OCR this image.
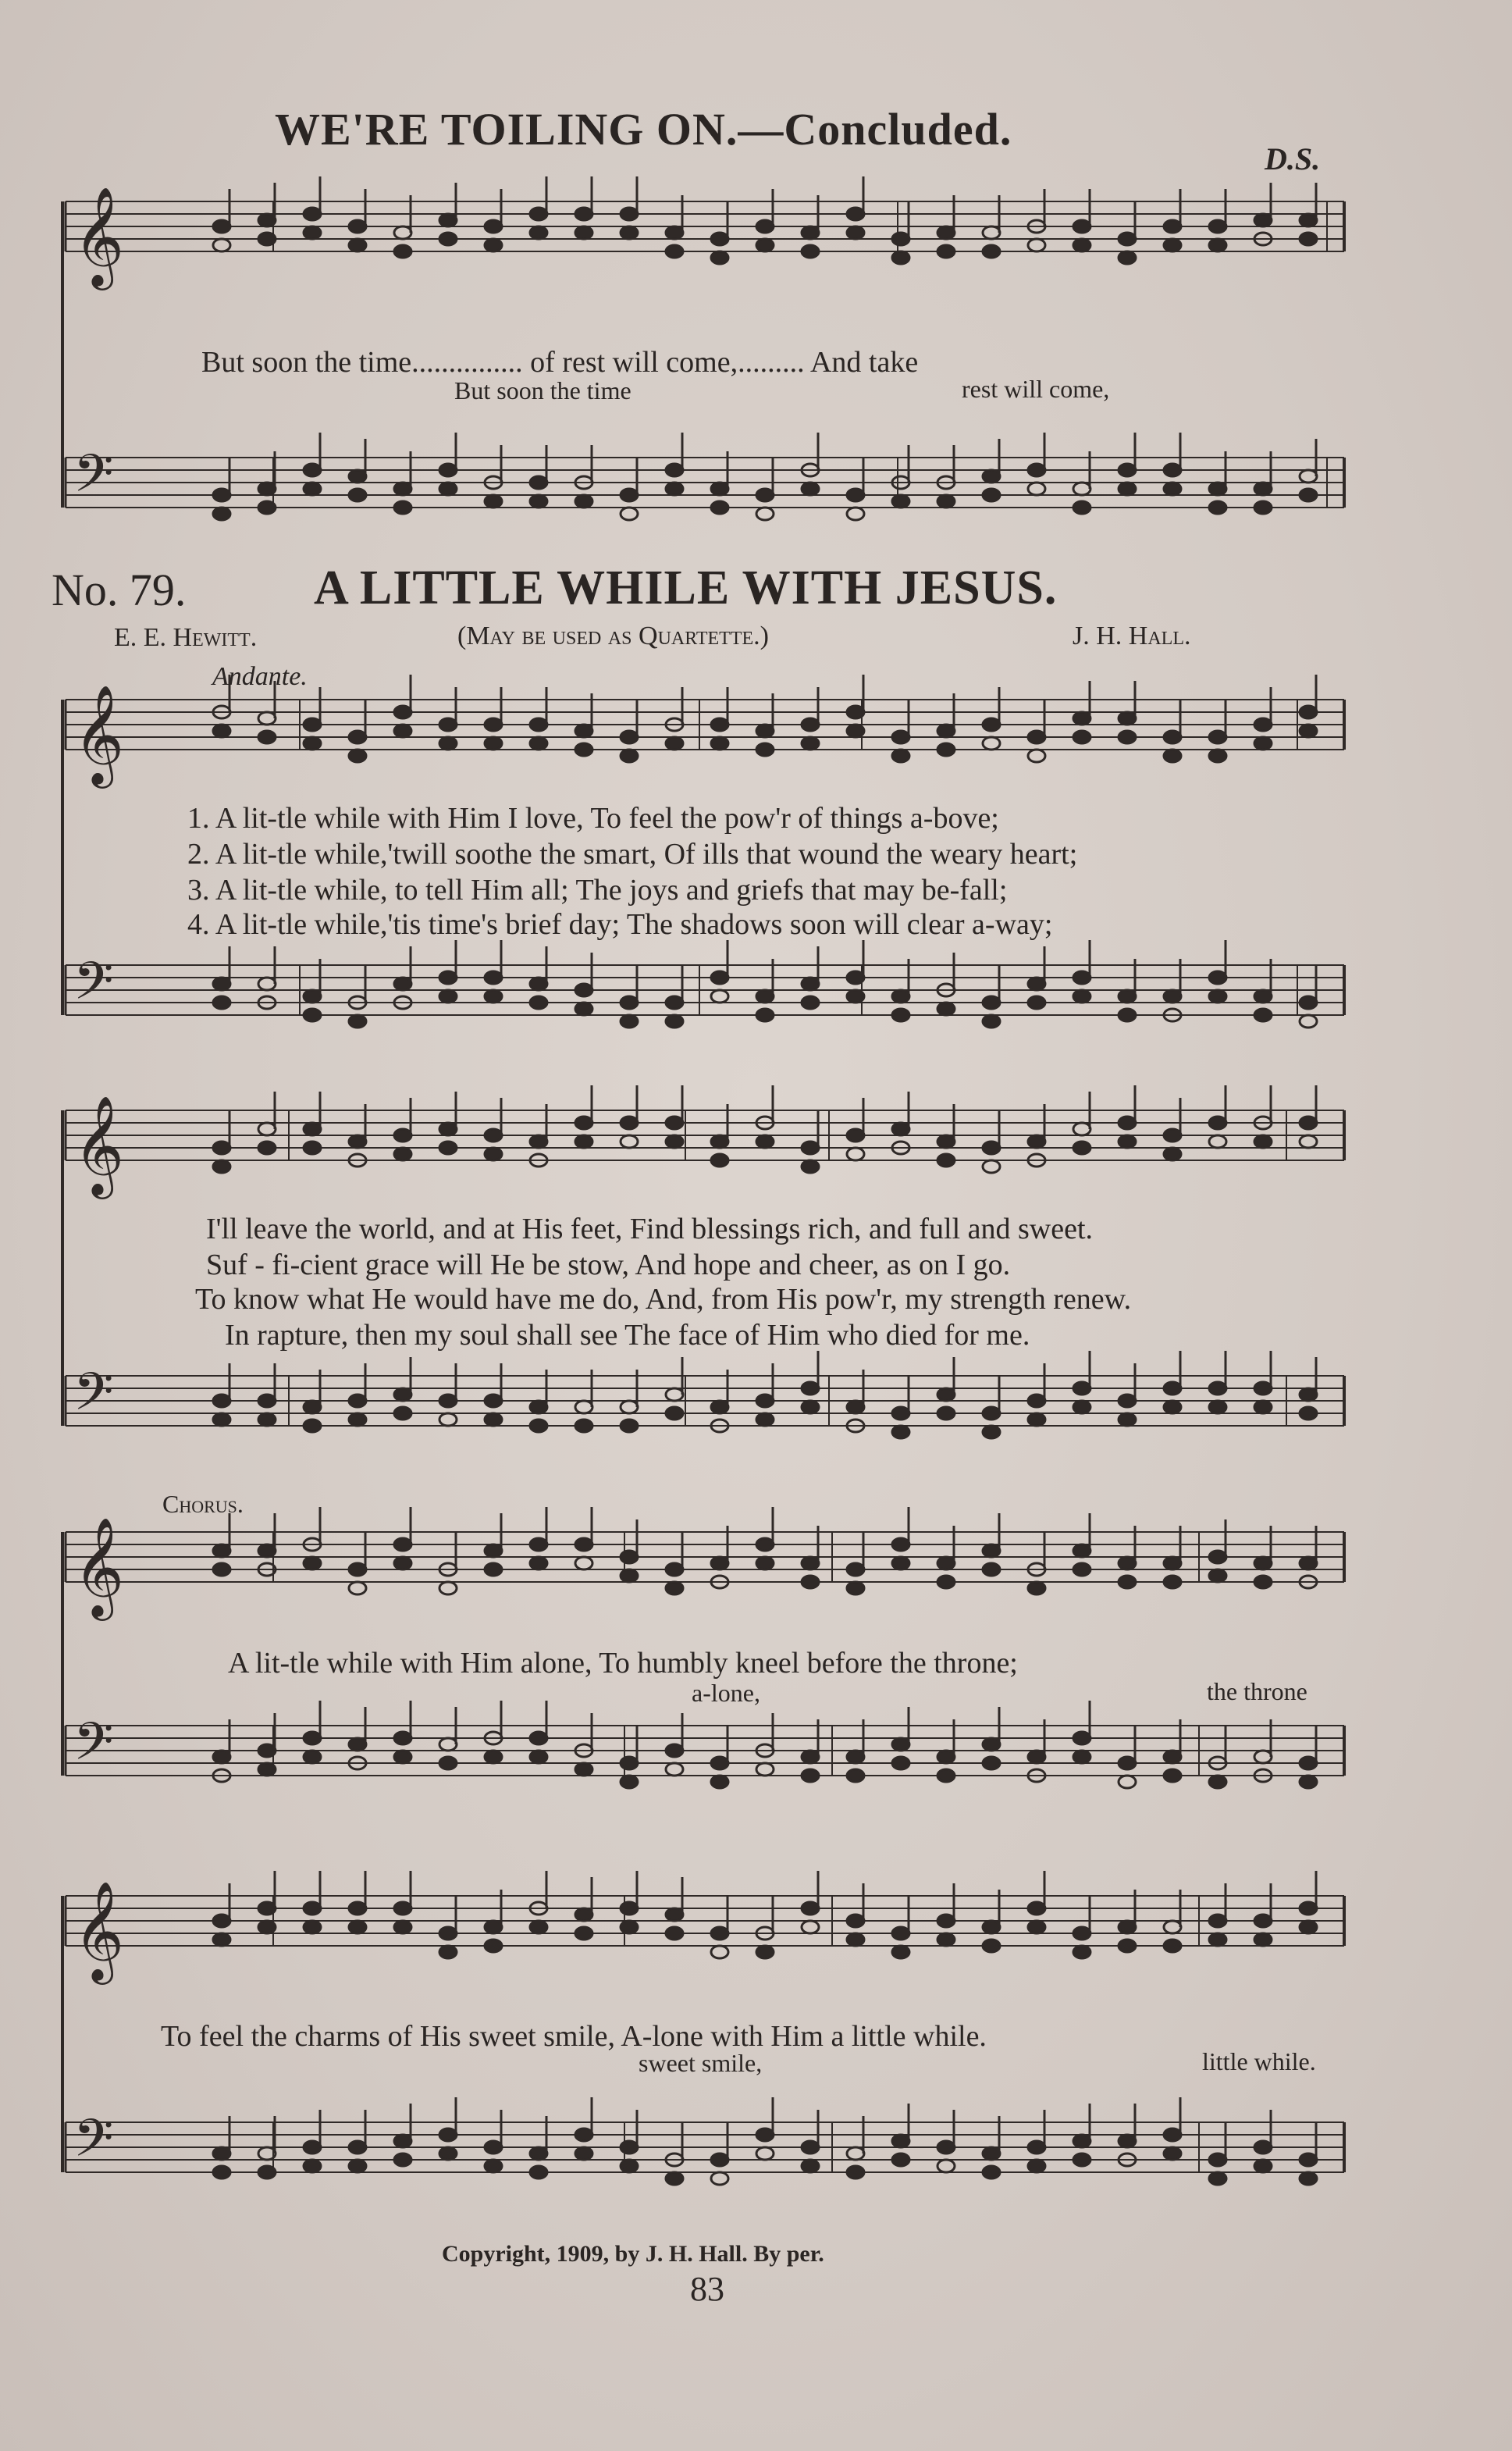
𝄞
𝄢
𝄞
𝄢
𝄞
𝄢
𝄞
𝄢
𝄞
𝄢
WE'RE TOILING ON.—Concluded.
D.S.
But soon the time............... of rest will come,......... And take
But soon the time	rest will come,
No. 79.	A LITTLE WHILE WITH JESUS.
E. E. Hewitt.	(May be used as Quartette.)	J. H. Hall.
Andante.
1. A lit-tle while with Him I love, To feel the pow'r of things a-bove;
2. A lit-tle while,'twill soothe the smart, Of ills that wound the weary heart;
3. A lit-tle while, to tell Him all; The joys and griefs that may be-fall;
4. A lit-tle while,'tis time's brief day; The shadows soon will clear a-way;
I'll leave the world, and at His feet, Find blessings rich, and full and sweet.
Suf - fi-cient grace will He be stow, And hope and cheer, as on I go.
To know what He would have me do, And, from His pow'r, my strength renew.
In rapture, then my soul shall see The face of Him who died for me.
Chorus.
A lit-tle while with Him alone, To humbly kneel before the throne;
a-lone,	the throne
To feel the charms of His sweet smile, A-lone with Him a little while.
sweet smile,	little while.
Copyright, 1909, by J. H. Hall. By per.
83
